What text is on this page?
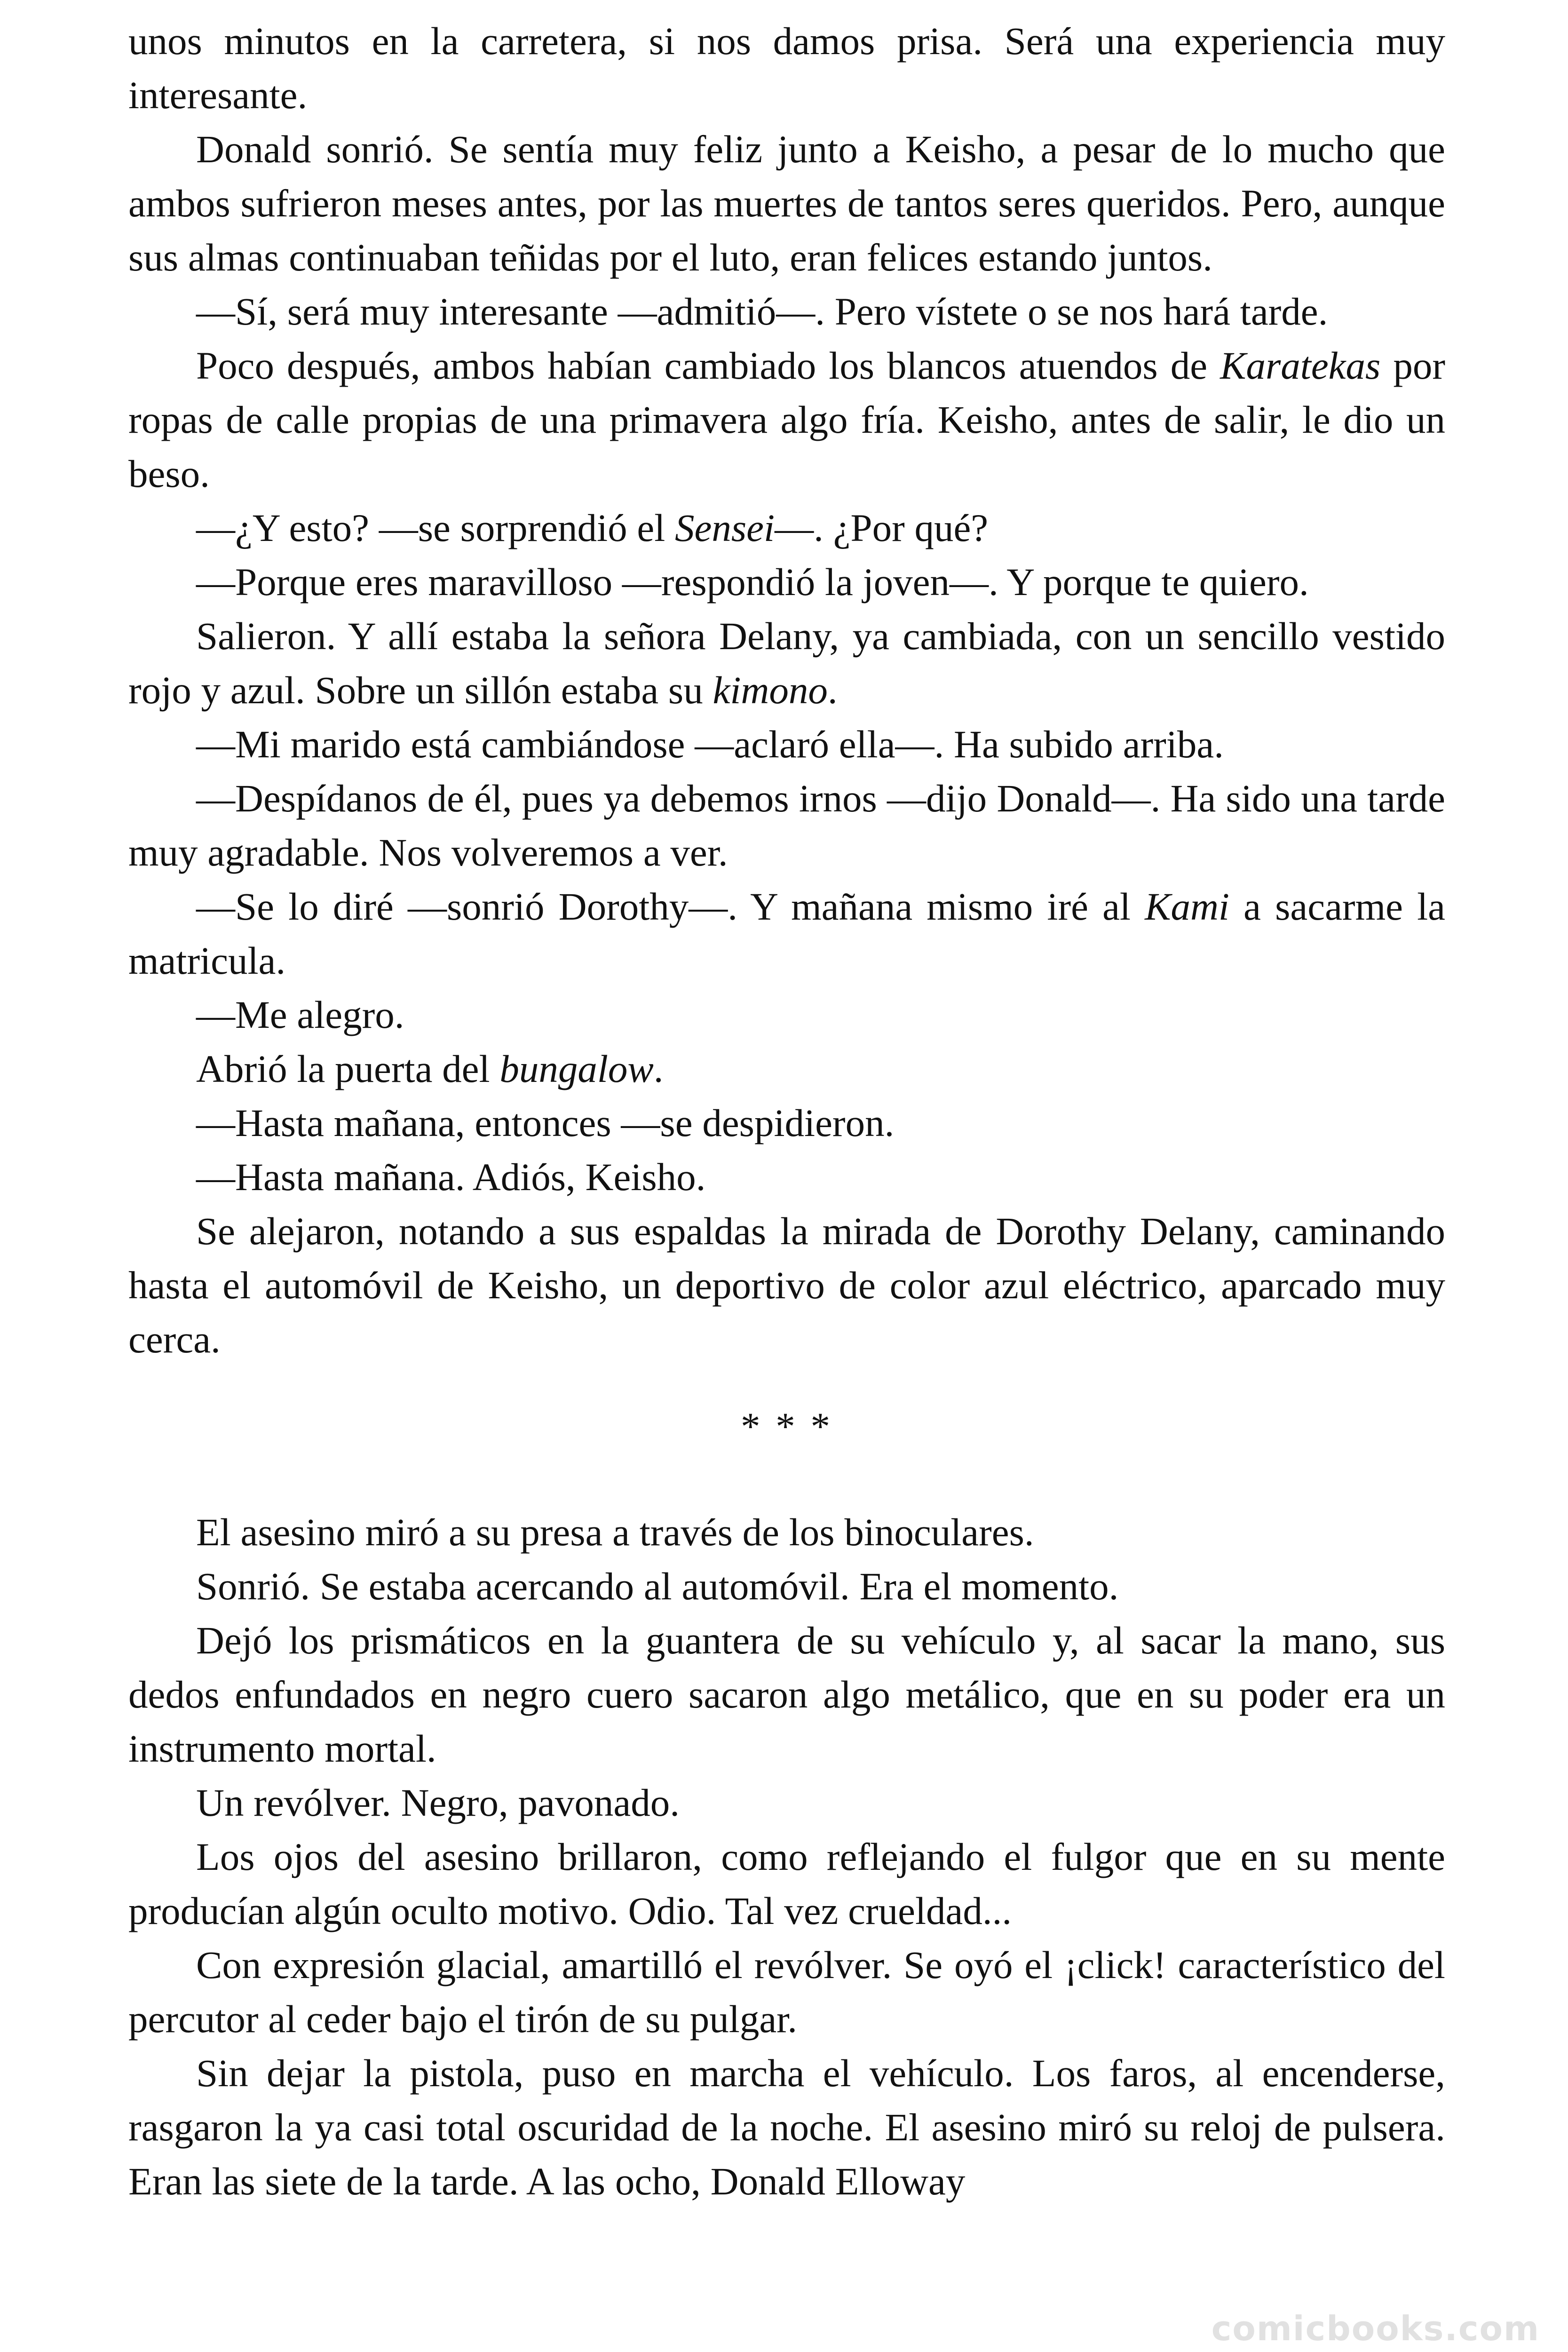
unos minutos en la carretera, si nos damos prisa. Será una experiencia muy interesante.

Donald sonrió. Se sentía muy feliz junto a Keisho, a pesar de lo mucho que ambos sufrieron meses antes, por las muertes de tantos seres queridos. Pero, aunque sus almas continuaban teñidas por el luto, eran felices estando juntos.

—Sí, será muy interesante —admitió—. Pero vístete o se nos hará tarde.

Poco después, ambos habían cambiado los blancos atuendos de Karatekas por ropas de calle propias de una primavera algo fría. Keisho, antes de salir, le dio un beso.

—¿Y esto? —se sorprendió el Sensei—. ¿Por qué?

—Porque eres maravilloso —respondió la joven—. Y porque te quiero.

Salieron. Y allí estaba la señora Delany, ya cambiada, con un sencillo vestido rojo y azul. Sobre un sillón estaba su kimono.

—Mi marido está cambiándose —aclaró ella—. Ha subido arriba.

—Despídanos de él, pues ya debemos irnos —dijo Donald—. Ha sido una tarde muy agradable. Nos volveremos a ver.

—Se lo diré —sonrió Dorothy—. Y mañana mismo iré al Kami a sacarme la matricula.

—Me alegro.

Abrió la puerta del bungalow.

—Hasta mañana, entonces —se despidieron.

—Hasta mañana. Adiós, Keisho.

Se alejaron, notando a sus espaldas la mirada de Dorothy Delany, caminando hasta el automóvil de Keisho, un deportivo de color azul eléctrico, aparcado muy cerca.

* * *

El asesino miró a su presa a través de los binoculares.

Sonrió. Se estaba acercando al automóvil. Era el momento.

Dejó los prismáticos en la guantera de su vehículo y, al sacar la mano, sus dedos enfundados en negro cuero sacaron algo metálico, que en su poder era un instrumento mortal.

Un revólver. Negro, pavonado.

Los ojos del asesino brillaron, como reflejando el fulgor que en su mente producían algún oculto motivo. Odio. Tal vez crueldad...

Con expresión glacial, amartilló el revólver. Se oyó el ¡click! característico del percutor al ceder bajo el tirón de su pulgar.

Sin dejar la pistola, puso en marcha el vehículo. Los faros, al encenderse, rasgaron la ya casi total oscuridad de la noche. El asesino miró su reloj de pulsera. Eran las siete de la tarde. A las ocho, Donald Elloway

comicbooks.com
